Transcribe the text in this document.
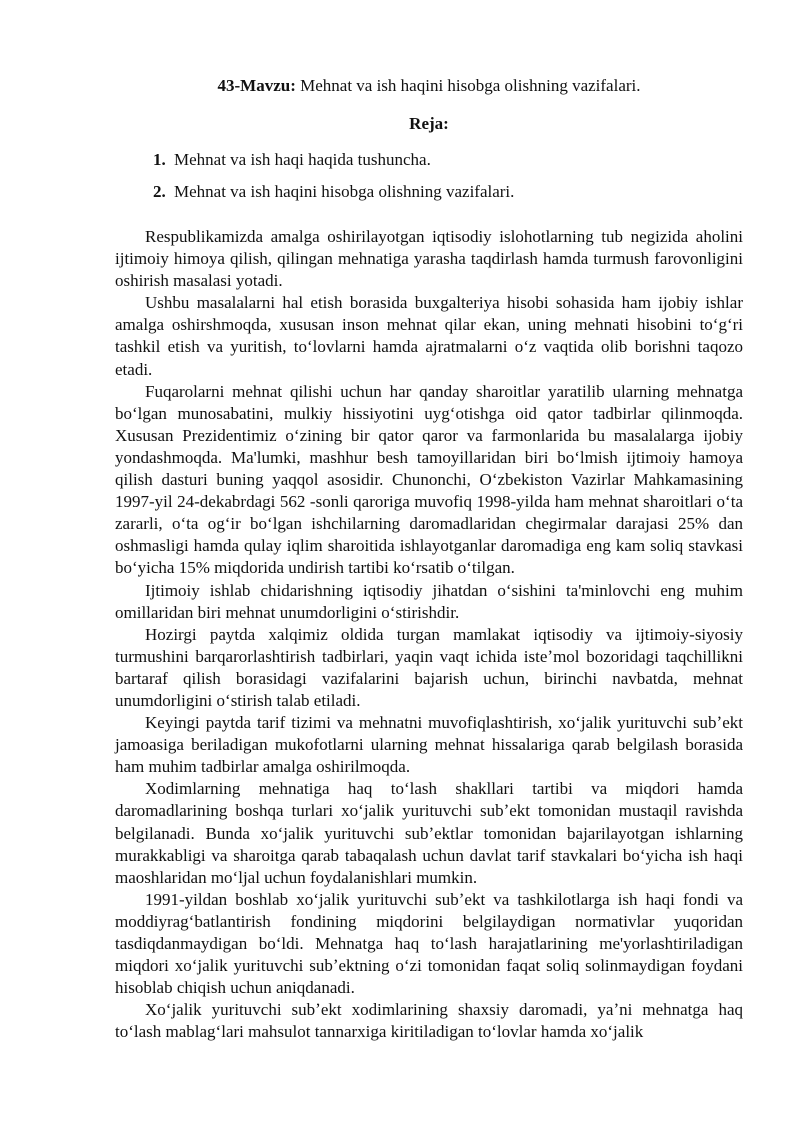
43-Mavzu: Mehnat va ish haqini hisobga olishning vazifalari.

Reja:

1. Mehnat va ish haqi haqida tushuncha.
2. Mehnat va ish haqini hisobga olishning vazifalari.

Respublikamizda amalga oshirilayotgan iqtisodiy islohotlarning tub negizida aholini ijtimoiy himoya qilish, qilingan mehnatiga yarasha taqdirlash hamda turmush farovonligini oshirish masalasi yotadi.

Ushbu masalalarni hal etish borasida buxgalteriya hisobi sohasida ham ijobiy ishlar amalga oshirshmoqda, xususan inson mehnat qilar ekan, uning mehnati hisobini toʻgʻri tashkil etish va yuritish, toʻlovlarni hamda ajratmalarni oʻz vaqtida olib borishni taqozo etadi.

Fuqarolarni mehnat qilishi uchun har qanday sharoitlar yaratilib ularning mehnatga boʻlgan munosabatini, mulkiy hissiyotini uygʻotishga oid qator tadbirlar qilinmoqda. Xususan Prezidentimiz oʻzining bir qator qaror va farmonlarida bu masalalarga ijobiy yondashmoqda. Ma'lumki, mashhur besh tamoyillaridan biri boʻlmish ijtimoiy hamoya qilish dasturi buning yaqqol asosidir. Chunonchi, Oʻzbekiston Vazirlar Mahkamasining 1997-yil 24-dekabrdagi 562 -sonli qaroriga muvofiq 1998-yilda ham mehnat sharoitlari oʻta zararli, oʻta ogʻir boʻlgan ishchilarning daromadlaridan chegirmalar darajasi 25% dan oshmasligi hamda qulay iqlim sharoitida ishlayotganlar daromadiga eng kam soliq stavkasi boʻyicha 15% miqdorida undirish tartibi koʻrsatib oʻtilgan.

Ijtimoiy ishlab chidarishning iqtisodiy jihatdan oʻsishini ta'minlovchi eng muhim omillaridan biri mehnat unumdorligini oʻstirishdir.

Hozirgi paytda xalqimiz oldida turgan mamlakat iqtisodiy va ijtimoiy-siyosiy turmushini barqarorlashtirish tadbirlari, yaqin vaqt ichida isteʼmol bozoridagi taqchillikni bartaraf qilish borasidagi vazifalarini bajarish uchun, birinchi navbatda, mehnat unumdorligini oʻstirish talab etiladi.

Keyingi paytda tarif tizimi va mehnatni muvofiqlashtirish, xoʻjalik yurituvchi subʼekt jamoasiga beriladigan mukofotlarni ularning mehnat hissalariga qarab belgilash borasida ham muhim tadbirlar amalga oshirilmoqda.

Xodimlarning mehnatiga haq toʻlash shakllari tartibi va miqdori hamda daromadlarining boshqa turlari xoʻjalik yurituvchi subʼekt tomonidan mustaqil ravishda belgilanadi. Bunda xoʻjalik yurituvchi subʼektlar tomonidan bajarilayotgan ishlarning murakkabligi va sharoitga qarab tabaqalash uchun davlat tarif stavkalari boʻyicha ish haqi maoshlaridan moʻljal uchun foydalanishlari mumkin.

1991-yildan boshlab xoʻjalik yurituvchi subʼekt va tashkilotlarga ish haqi fondi va moddiyragʻbatlantirish fondining miqdorini belgilaydigan normativlar yuqoridan tasdiqdanmaydigan boʻldi. Mehnatga haq toʻlash harajatlarining me'yorlashtiriladigan miqdori xoʻjalik yurituvchi subʼektning oʻzi tomonidan faqat soliq solinmaydigan foydani hisoblab chiqish uchun aniqdanadi.

Xoʻjalik yurituvchi subʼekt xodimlarining shaxsiy daromadi, yaʼni mehnatga haq toʻlash mablagʻlari mahsulot tannarxiga kiritiladigan toʻlovlar hamda xoʻjalik
